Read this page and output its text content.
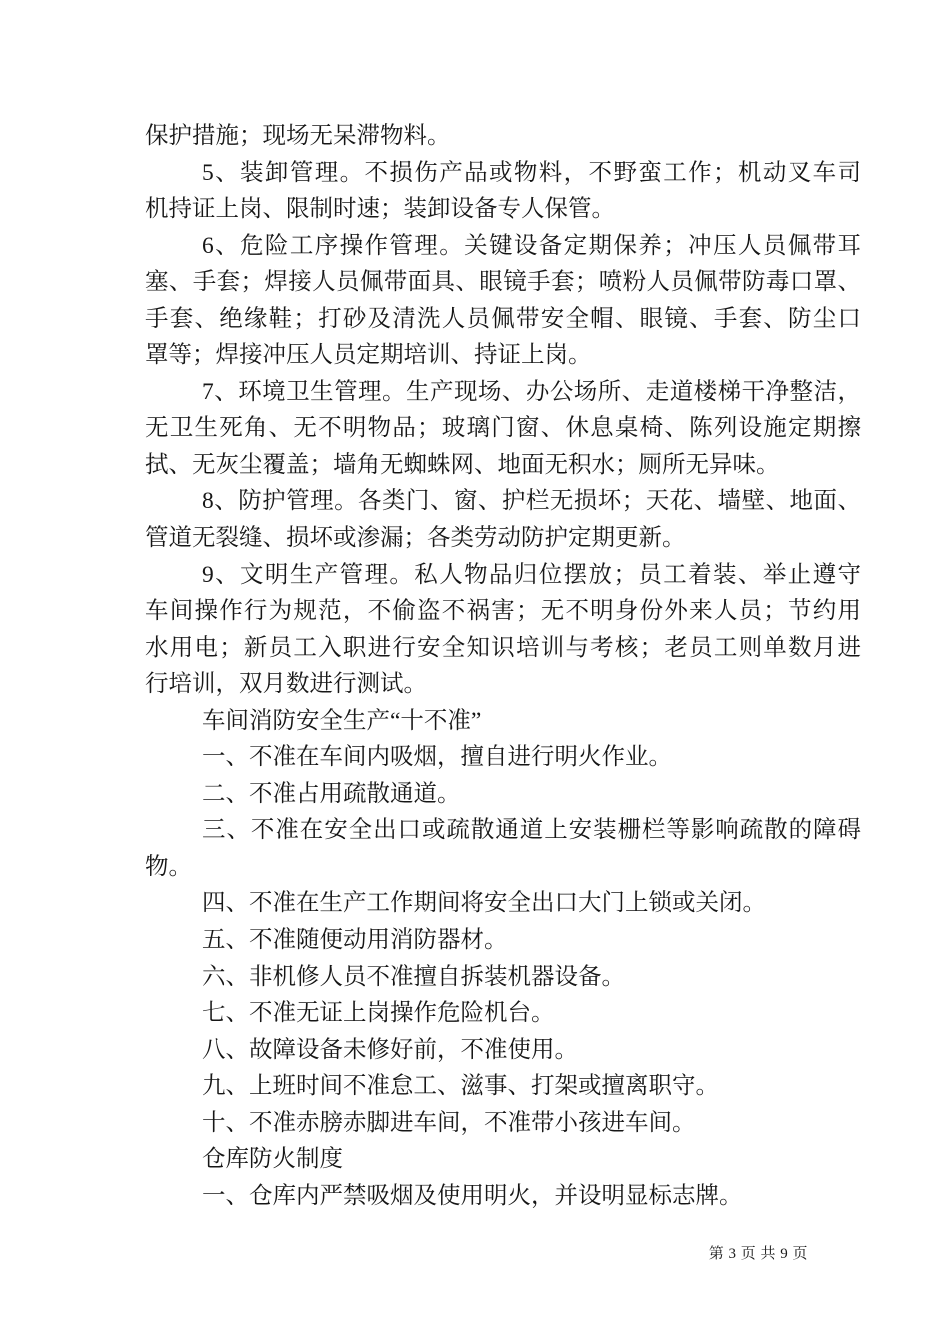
保护措施；现场无呆滞物料。
5、装卸管理。不损伤产品或物料，不野蛮工作；机动叉车司
机持证上岗、限制时速；装卸设备专人保管。
6、危险工序操作管理。关键设备定期保养；冲压人员佩带耳
塞、手套；焊接人员佩带面具、眼镜手套；喷粉人员佩带防毒口罩、
手套、绝缘鞋；打砂及清洗人员佩带安全帽、眼镜、手套、防尘口
罩等；焊接冲压人员定期培训、持证上岗。
7、环境卫生管理。生产现场、办公场所、走道楼梯干净整洁，
无卫生死角、无不明物品；玻璃门窗、休息桌椅、陈列设施定期擦
拭、无灰尘覆盖；墙角无蜘蛛网、地面无积水；厕所无异味。
8、防护管理。各类门、窗、护栏无损坏；天花、墙壁、地面、
管道无裂缝、损坏或渗漏；各类劳动防护定期更新。
9、文明生产管理。私人物品归位摆放；员工着装、举止遵守
车间操作行为规范，不偷盗不祸害；无不明身份外来人员；节约用
水用电；新员工入职进行安全知识培训与考核；老员工则单数月进
行培训，双月数进行测试。
车间消防安全生产“十不准”
一、不准在车间内吸烟，擅自进行明火作业。
二、不准占用疏散通道。
三、不准在安全出口或疏散通道上安装栅栏等影响疏散的障碍
物。
四、不准在生产工作期间将安全出口大门上锁或关闭。
五、不准随便动用消防器材。
六、非机修人员不准擅自拆装机器设备。
七、不准无证上岗操作危险机台。
八、故障设备未修好前，不准使用。
九、上班时间不准怠工、滋事、打架或擅离职守。
十、不准赤膀赤脚进车间，不准带小孩进车间。
仓库防火制度
一、仓库内严禁吸烟及使用明火，并设明显标志牌。
第 3 页 共 9 页
